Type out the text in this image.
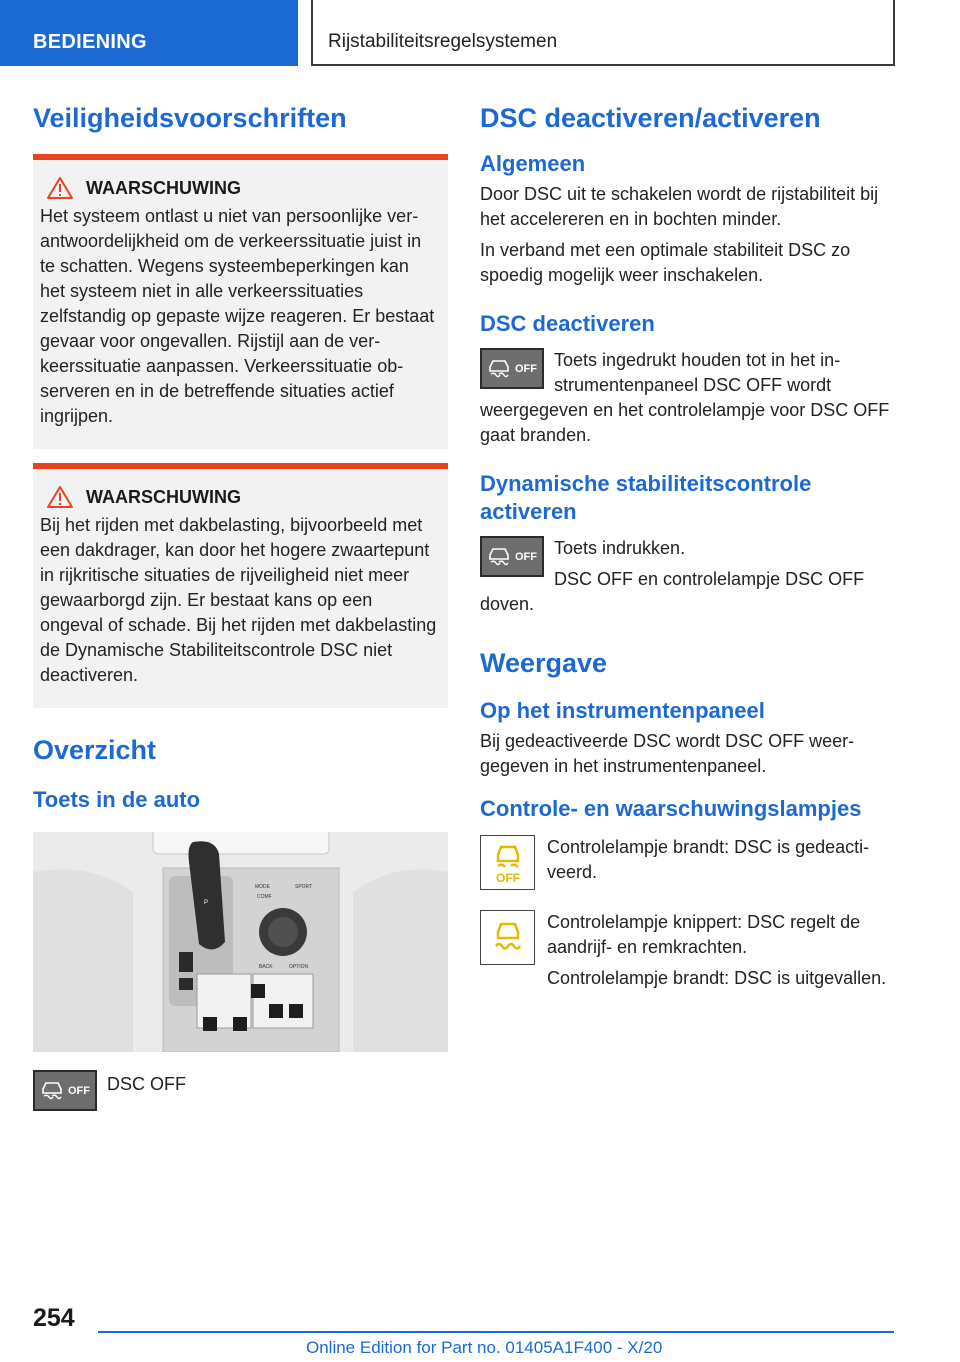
BEDIENING	Rijstabiliteitsregelsystemen
Veiligheidsvoorschriften
WAARSCHUWING
Het systeem ontlast u niet van persoonlijke verantwoordelijkheid om de verkeerssituatie juist in te schatten. Wegens systeembeperkingen kan het systeem niet in alle verkeerssituaties zelfstandig op gepaste wijze reageren. Er bestaat gevaar voor ongevallen. Rijstijl aan de verkeerssituatie aanpassen. Verkeerssituatie observeren en in de betreffende situaties actief ingrijpen.
WAARSCHUWING
Bij het rijden met dakbelasting, bijvoorbeeld met een dakdrager, kan door het hogere zwaartepunt in rijkritische situaties de rijveiligheid niet meer gewaarborgd zijn. Er bestaat kans op een ongeval of schade. Bij het rijden met dakbelasting de Dynamische Stabiliteitscontrole DSC niet deactiveren.
Overzicht
Toets in de auto
P
MODE	SPORT
COMF
BACK	OPTION
OFF DSC OFF
DSC deactiveren/activeren
Algemeen
Door DSC uit te schakelen wordt de rijstabiliteit bij het accelereren en in bochten minder.
In verband met een optimale stabiliteit DSC zo spoedig mogelijk weer inschakelen.
DSC deactiveren
OFF Toets ingedrukt houden tot in het instrumentenpaneel DSC OFF wordt weergegeven en het controlelampje voor DSC OFF gaat branden.
Dynamische stabiliteitscontrole activeren
OFF Toets indrukken.
DSC OFF en controlelampje DSC OFF doven.
Weergave
Op het instrumentenpaneel
Bij gedeactiveerde DSC wordt DSC OFF weergegeven in het instrumentenpaneel.
Controle- en waarschuwingslampjes
OFF
Controlelampje brandt: DSC is gedeactiveerd.
Controlelampje knippert: DSC regelt de aandrijf- en remkrachten.
Controlelampje brandt: DSC is uitgevallen.
254
Online Edition for Part no. 01405A1F400 - X/20
